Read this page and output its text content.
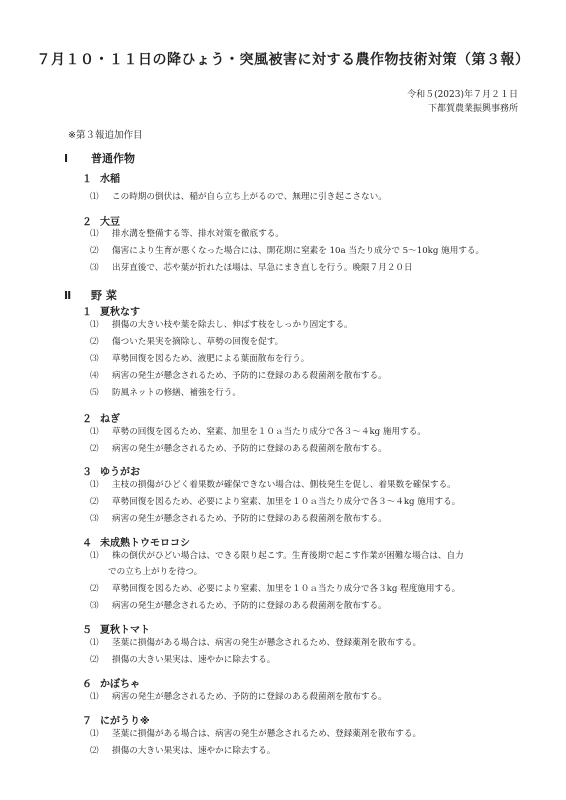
７月１０・１１日の降ひょう・突風被害に対する農作物技術対策（第３報）
令和５(2023)年７月２１日
下都賀農業振興事務所
※第３報追加作目
Ⅰ 普通作物
１ 水稲
⑴ この時期の倒伏は、稲が自ら立ち上がるので、無理に引き起こさない。
２ 大豆
⑴ 排水溝を整備する等、排水対策を徹底する。
⑵ 傷害により生育が悪くなった場合には、開花期に窒素を 10a 当たり成分で 5～10kg 施用する。
⑶ 出芽直後で、芯や葉が折れたほ場は、早急にまき直しを行う。晩限７月２０日
Ⅱ 野 菜
１ 夏秋なす
⑴ 損傷の大きい枝や葉を除去し、伸ばす枝をしっかり固定する。
⑵ 傷ついた果実を摘除し、草勢の回復を促す。
⑶ 草勢回復を図るため、液肥による葉面散布を行う。
⑷ 病害の発生が懸念されるため、予防的に登録のある殺菌剤を散布する。
⑸ 防風ネットの修繕、補強を行う。
２ ねぎ
⑴ 草勢の回復を図るため、窒素、加里を１０ａ当たり成分で各３～４kg 施用する。
⑵ 病害の発生が懸念されるため、予防的に登録のある殺菌剤を散布する。
３ ゆうがお
⑴ 主枝の損傷がひどく着果数が確保できない場合は、側枝発生を促し、着果数を確保する。
⑵ 草勢回復を図るため、必要により窒素、加里を１０ａ当たり成分で各３～４kg 施用する。
⑶ 病害の発生が懸念されるため、予防的に登録のある殺菌剤を散布する。
４ 未成熟トウモロコシ
⑴ 株の倒伏がひどい場合は、できる限り起こす。生育後期で起こす作業が困難な場合は、自力
での立ち上がりを待つ。
⑵ 草勢回復を図るため、必要により窒素、加里を１０ａ当たり成分で各３kg 程度施用する。
⑶ 病害の発生が懸念されるため、予防的に登録のある殺菌剤を散布する。
５ 夏秋トマト
⑴ 茎葉に損傷がある場合は、病害の発生が懸念されるため、登録薬剤を散布する。
⑵ 損傷の大きい果実は、速やかに除去する。
６ かぼちゃ
⑴ 病害の発生が懸念されるため、予防的に登録のある殺菌剤を散布する。
７ にがうり※
⑴ 茎葉に損傷がある場合は、病害の発生が懸念されるため、登録薬剤を散布する。
⑵ 損傷の大きい果実は、速やかに除去する。
